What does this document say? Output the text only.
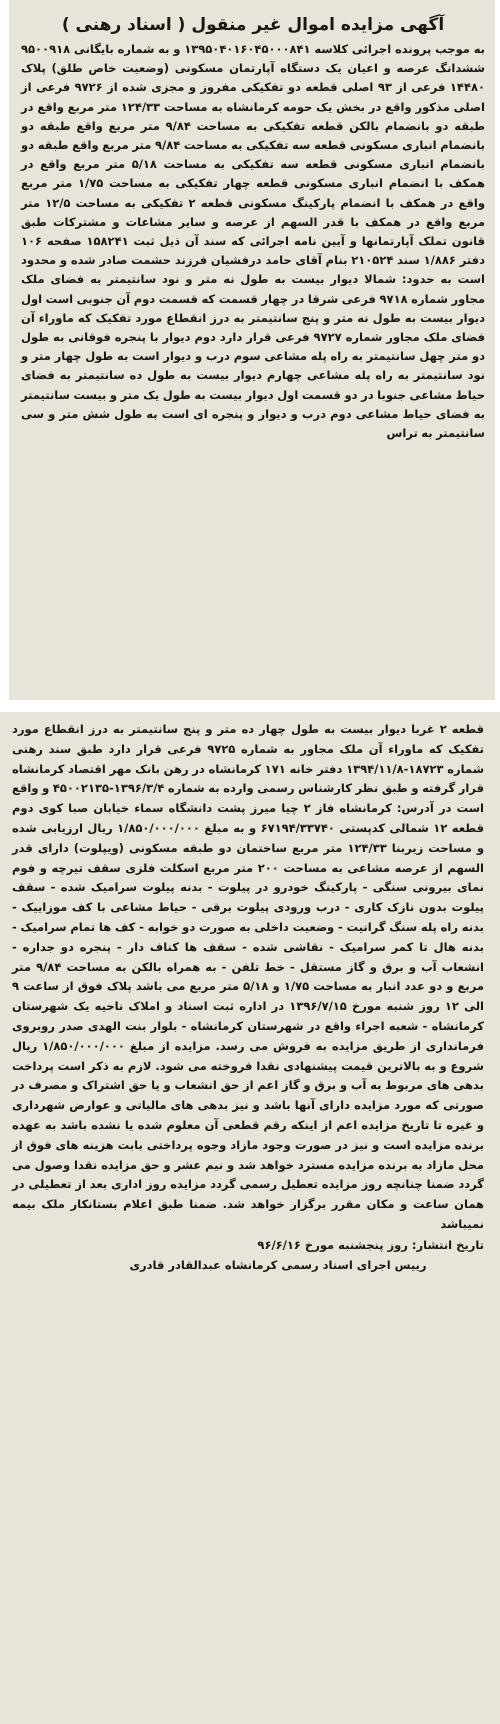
آگهی مزایده اموال غیر منقول ( اسناد رهنی )
به موجب پرونده اجرائی کلاسه ۱۳۹۵۰۴۰۱۶۰۴۵۰۰۰۸۴۱ و به شماره بایگانی ۹۵۰۰۹۱۸ ششدانگ عرصه و اعیان یک دستگاه آپارتمان مسکونی (وضعیت خاص طلق) پلاک ۱۴۴۸۰ فرعی از ۹۳ اصلی قطعه دو تفکیکی مفروز و مجزی شده از ۹۷۲۶ فرعی از اصلی مذکور واقع در بخش یک حومه کرمانشاه به مساحت ۱۲۴/۳۳ متر مربع واقع در طبقه دو بانضمام بالکن قطعه تفکیکی به مساحت ۹/۸۴ متر مربع واقع طبقه دو بانضمام انباری مسکونی قطعه سه تفکیکی به مساحت ۹/۸۴ متر مربع واقع طبقه دو بانضمام انباری مسکونی قطعه سه تفکیکی به مساحت ۵/۱۸ متر مربع واقع در همکف با انضمام انباری مسکونی قطعه چهار تفکیکی به مساحت ۱/۷۵ متر مربع واقع در همکف با انضمام پارکینگ مسکونی قطعه ۲ تفکیکی به مساحت ۱۲/۵ متر مربع واقع در همکف با قدر السهم از عرصه و سایر مشاعات و مشترکات طبق قانون تملک آپارتمانها و آیین نامه اجرائی که سند آن ذیل ثبت ۱۵۸۲۴۱ صفحه ۱۰۶ دفتر ۱/۸۸۶ سند ۲۱۰۵۲۴ بنام آقای حامد درفشیان فرزند حشمت صادر شده و محدود است به حدود: شمالا دیوار بیست به طول نه متر و نود سانتیمتر به فضای ملک مجاور شماره ۹۷۱۸ فرعی شرقا در چهار قسمت که قسمت دوم آن جنوبی است اول دیوار بیست به طول نه متر و پنج سانتیمتر به درز انقطاع مورد تفکیک که ماوراء آن فضای ملک مجاور شماره ۹۷۲۷ فرعی قرار دارد دوم دیوار با پنجره فوقانی به طول دو متر چهل سانتیمتر به راه پله مشاعی سوم درب و دیوار است به طول چهار متر و نود سانتیمتر به راه پله مشاعی چهارم دیوار بیست به طول ده سانتیمتر به فضای حیاط مشاعی جنوبا در دو قسمت اول دیوار بیست به طول یک متر و بیست سانتیمتر به فضای حیاط مشاعی دوم درب و دیوار و پنجره ای است به طول شش متر و سی سانتیمتر به تراس
قطعه ۲ غربا دیوار بیست به طول چهار ده متر و پنج سانتیمتر به درز انقطاع مورد تفکیک که ماوراء آن ملک مجاور به شماره ۹۷۲۵ فرعی قرار دارد طبق سند رهنی شماره ۱۸۷۲۳-۱۳۹۴/۱۱/۸ دفتر خانه ۱۷۱ کرمانشاه در رهن بانک مهر اقتصاد کرمانشاه قرار گرفته و طبق نظر کارشناس رسمی وارده به شماره ۱۳۹۶/۳/۴-۴۵۰۰۲۱۳۵ و واقع است در آدرس: کرمانشاه فاز ۲ چیا میرز پشت دانشگاه سماء خیابان صبا کوی دوم قطعه ۱۲ شمالی کدپستی ۶۷۱۹۴/۳۳۷۴۰ و به مبلغ ۱/۸۵۰/۰۰۰/۰۰۰ ریال ارزیابی شده و مساحت زیربنا ۱۲۴/۳۳ متر مربع ساختمان دو طبقه مسکونی (ویپلوت) دارای قدر السهم از عرصه مشاعی به مساحت ۲۰۰ متر مربع اسکلت فلزی سقف تیرچه و فوم نمای بیرونی سنگی - پارکینگ خودرو در پیلوت - بدنه پیلوت سرامیک شده - سقف پیلوت بدون نازک کاری - درب ورودی پیلوت برقی - حیاط مشاعی با کف موزاییک - بدنه راه پله سنگ گرانیت - وضعیت داخلی به صورت دو خوابه - کف ها تمام سرامیک - بدنه هال تا کمر سرامیک - نقاشی شده - سقف ها کناف دار - پنجره دو جداره - انشعاب آب و برق و گاز مستقل - خط تلفن - به همراه بالکن به مساحت ۹/۸۴ متر مربع و دو عدد انبار به مساحت ۱/۷۵ و ۵/۱۸ متر مربع می باشد پلاک فوق از ساعت ۹ الی ۱۲ روز شنبه مورخ ۱۳۹۶/۷/۱۵ در اداره ثبت اسناد و املاک ناحیه یک شهرستان کرمانشاه - شعبه اجراء واقع در شهرستان کرمانشاه - بلوار بنت الهدی صدر روبروی فرمانداری از طریق مزایده به فروش می رسد. مزایده از مبلغ ۱/۸۵۰/۰۰۰/۰۰۰ ریال شروع و به بالاترین قیمت پیشنهادی نقدا فروخته می شود. لازم به ذکر است پرداخت بدهی های مربوط به آب و برق و گاز اعم از حق انشعاب و یا حق اشتراک و مصرف در صورتی که مورد مزایده دارای آنها باشد و نیز بدهی های مالیاتی و عوارض شهرداری و غیره تا تاریخ مزایده اعم از اینکه رقم قطعی آن معلوم شده یا نشده باشد به عهده برنده مزایده است و نیز در صورت وجود مازاد وجوه پرداختی بابت هزینه های فوق از محل مازاد به برنده مزایده مسترد خواهد شد و نیم عشر و حق مزایده نقدا وصول می گردد ضمنا چنانچه روز مزایده تعطیل رسمی گردد مزایده روز اداری بعد از تعطیلی در همان ساعت و مکان مقرر برگزار خواهد شد. ضمنا طبق اعلام بستانکار ملک بیمه نمیباشد
تاریخ انتشار: روز پنجشنبه مورخ ۹۶/۶/۱۶
رییس اجرای اسناد رسمی کرمانشاه عبدالقادر قادری
